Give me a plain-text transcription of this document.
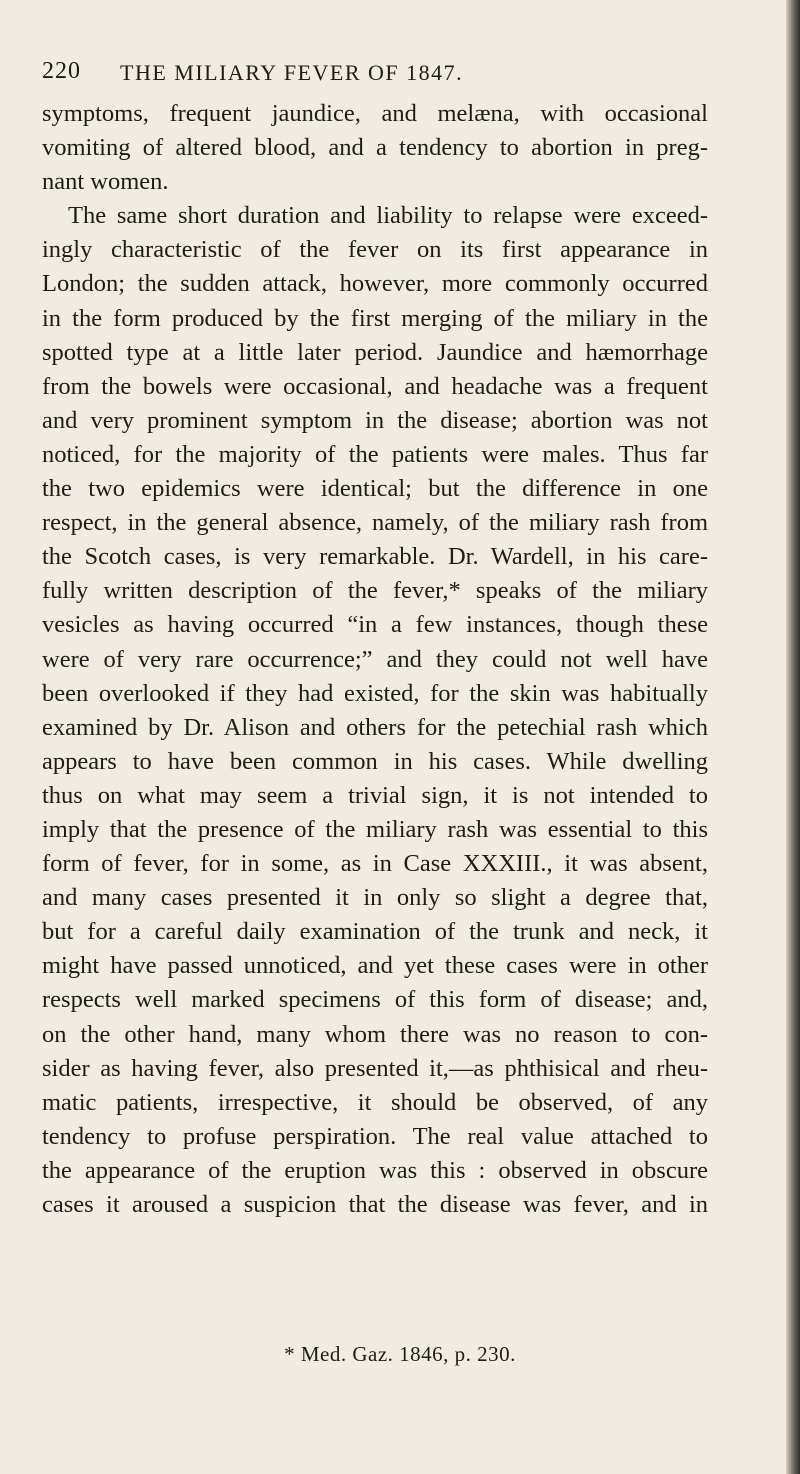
220 THE MILIARY FEVER OF 1847.
symptoms, frequent jaundice, and melæna, with occasional
vomiting of altered blood, and a tendency to abortion in preg-
nant women.
The same short duration and liability to relapse were exceed-
ingly characteristic of the fever on its first appearance in
London; the sudden attack, however, more commonly occurred
in the form produced by the first merging of the miliary in the
spotted type at a little later period. Jaundice and hæmorrhage
from the bowels were occasional, and headache was a frequent
and very prominent symptom in the disease; abortion was not
noticed, for the majority of the patients were males. Thus far
the two epidemics were identical; but the difference in one
respect, in the general absence, namely, of the miliary rash from
the Scotch cases, is very remarkable. Dr. Wardell, in his care-
fully written description of the fever,* speaks of the miliary
vesicles as having occurred “in a few instances, though these
were of very rare occurrence;” and they could not well have
been overlooked if they had existed, for the skin was habitually
examined by Dr. Alison and others for the petechial rash which
appears to have been common in his cases. While dwelling
thus on what may seem a trivial sign, it is not intended to
imply that the presence of the miliary rash was essential to this
form of fever, for in some, as in Case XXXIII., it was absent,
and many cases presented it in only so slight a degree that,
but for a careful daily examination of the trunk and neck, it
might have passed unnoticed, and yet these cases were in other
respects well marked specimens of this form of disease; and,
on the other hand, many whom there was no reason to con-
sider as having fever, also presented it,—as phthisical and rheu-
matic patients, irrespective, it should be observed, of any
tendency to profuse perspiration. The real value attached to
the appearance of the eruption was this : observed in obscure
cases it aroused a suspicion that the disease was fever, and in
* Med. Gaz. 1846, p. 230.
